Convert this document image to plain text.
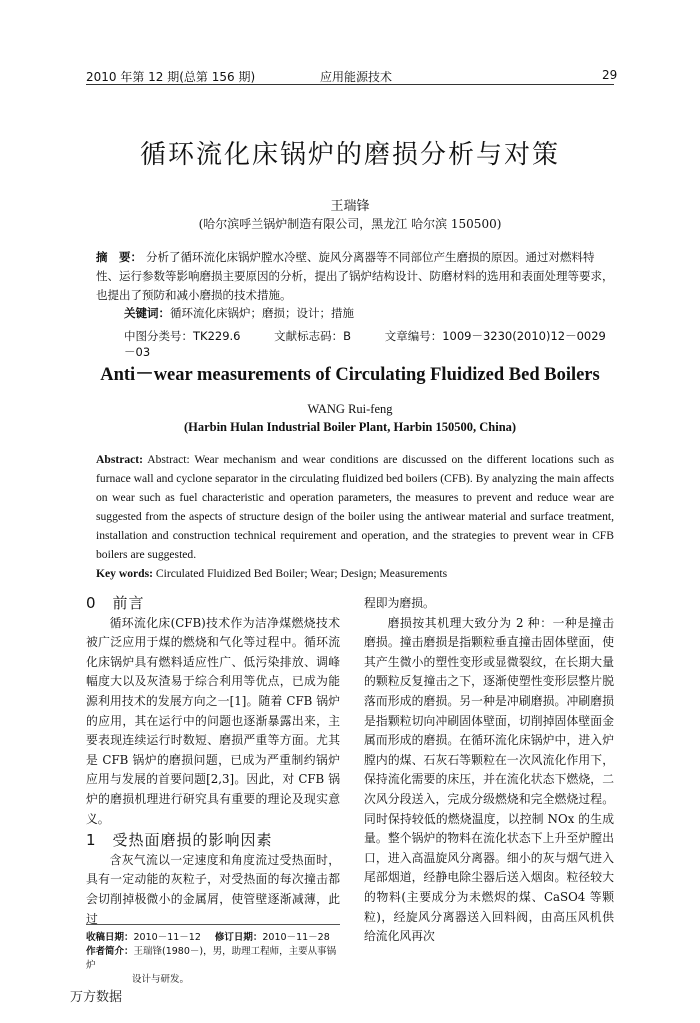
2010 年第 12 期(总第 156 期)	应用能源技术	29
循环流化床锅炉的磨损分析与对策
王瑞锋
(哈尔滨呼兰锅炉制造有限公司，黑龙江 哈尔滨 150500)

摘　要： 分析了循环流化床锅炉膛水冷壁、旋风分离器等不同部位产生磨损的原因。通过对燃料特性、运行参数等影响磨损主要原因的分析，提出了锅炉结构设计、防磨材料的选用和表面处理等要求，也提出了预防和减小磨损的技术措施。

关键词：循环流化床锅炉；磨损；设计；措施
中图分类号：TK229.6	文献标志码：B	文章编号：1009－3230(2010)12－0029－03
Anti－wear measurements of Circulating Fluidized Bed Boilers
WANG Rui-feng
(Harbin Hulan Industrial Boiler Plant, Harbin 150500, China)

Abstract: Abstract: Wear mechanism and wear conditions are discussed on the different locations such as furnace wall and cyclone separator in the circulating fluidized bed boilers (CFB). By analyzing the main affects on wear such as fuel characteristic and operation parameters, the measures to prevent and reduce wear are suggested from the aspects of structure design of the boiler using the antiwear material and surface treatment, installation and construction technical requirement and operation, and the strategies to prevent wear in CFB boilers are suggested.

Key words: Circulated Fluidized Bed Boiler; Wear; Design; Measurements

0 前言

循环流化床(CFB)技术作为洁净煤燃烧技术被广泛应用于煤的燃烧和气化等过程中。循环流化床锅炉具有燃料适应性广、低污染排放、调峰幅度大以及灰渣易于综合利用等优点，已成为能源利用技术的发展方向之一[1]。随着 CFB 锅炉的应用，其在运行中的问题也逐渐暴露出来，主要表现连续运行时数短、磨损严重等方面。尤其是 CFB 锅炉的磨损问题，已成为严重制约锅炉应用与发展的首要问题[2,3]。因此，对 CFB 锅炉的磨损机理进行研究具有重要的理论及现实意义。

1 受热面磨损的影响因素

含灰气流以一定速度和角度流过受热面时，具有一定动能的灰粒子，对受热面的每次撞击都会切削掉极微小的金属屑，使管壁逐渐减薄，此过

程即为磨损。

磨损按其机理大致分为 2 种：一种是撞击磨损。撞击磨损是指颗粒垂直撞击固体壁面，使其产生微小的塑性变形或显微裂纹，在长期大量的颗粒反复撞击之下，逐渐使塑性变形层整片脱落而形成的磨损。另一种是冲刷磨损。冲刷磨损是指颗粒切向冲刷固体壁面，切削掉固体壁面金属而形成的磨损。在循环流化床锅炉中，进入炉膛内的煤、石灰石等颗粒在一次风流化作用下，保持流化需要的床压，并在流化状态下燃烧，二次风分段送入，完成分级燃烧和完全燃烧过程。同时保持较低的燃烧温度，以控制 NOx 的生成量。整个锅炉的物料在流化状态下上升至炉膛出口，进入高温旋风分离器。细小的灰与烟气进入尾部烟道，经静电除尘器后送入烟囱。粒径较大的物料(主要成分为未燃烬的煤、CaSO4 等颗粒)，经旋风分离器送入回料阀，由高压风机供给流化风再次

收稿日期：2010－11－12 修订日期：2010－11－28

作者简介：王瑞锋(1980－)，男，助理工程师，主要从事锅炉

设计与研发。

万方数据
